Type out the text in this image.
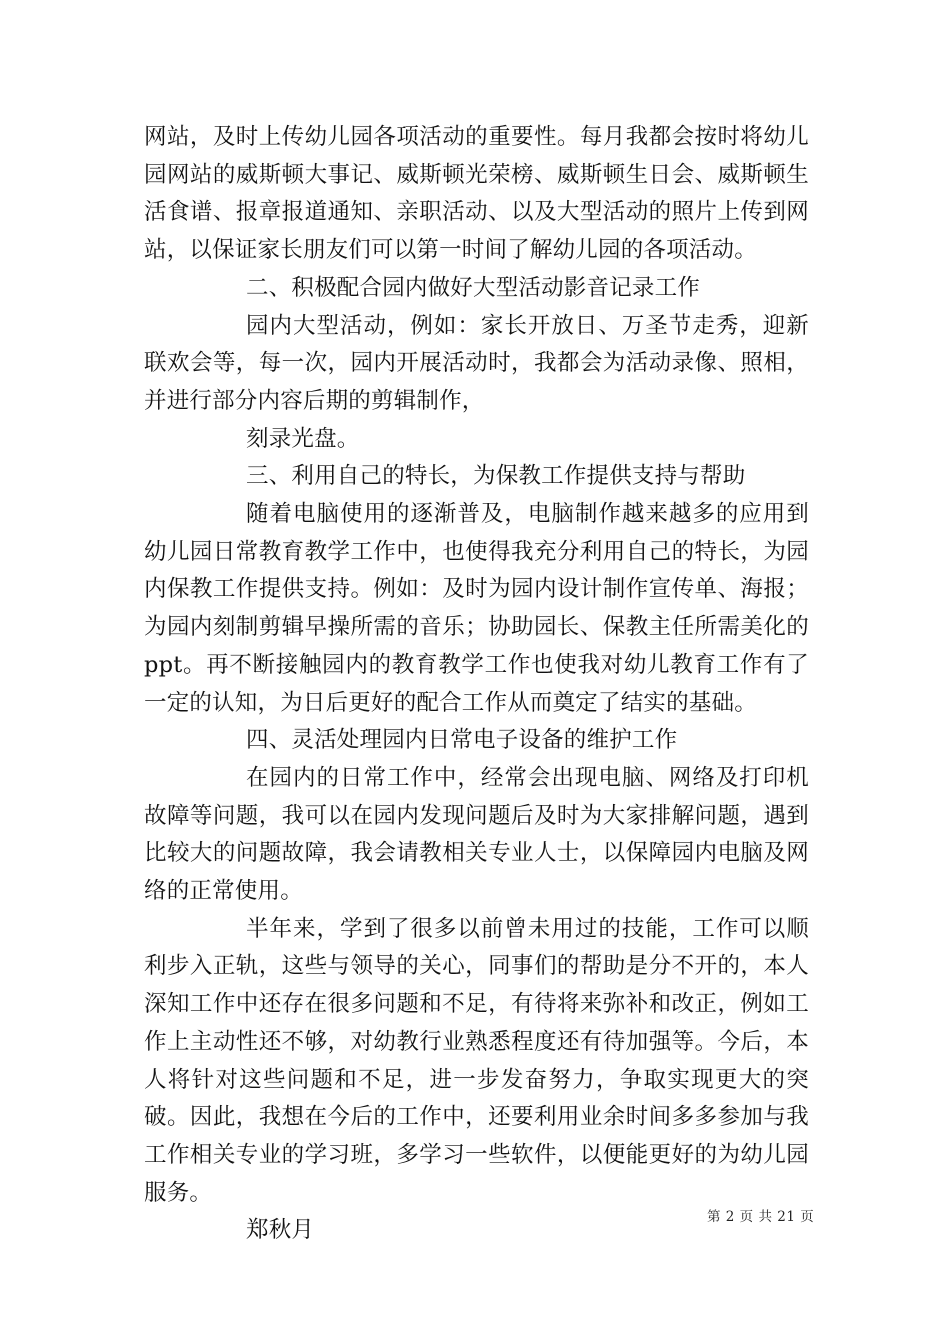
网站，及时上传幼儿园各项活动的重要性。每月我都会按时将幼儿园网站的威斯顿大事记、威斯顿光荣榜、威斯顿生日会、威斯顿生活食谱、报章报道通知、亲职活动、以及大型活动的照片上传到网站，以保证家长朋友们可以第一时间了解幼儿园的各项活动。

二、积极配合园内做好大型活动影音记录工作

园内大型活动，例如：家长开放日、万圣节走秀，迎新联欢会等，每一次，园内开展活动时，我都会为活动录像、照相，并进行部分内容后期的剪辑制作，

刻录光盘。

三、利用自己的特长，为保教工作提供支持与帮助

随着电脑使用的逐渐普及，电脑制作越来越多的应用到幼儿园日常教育教学工作中，也使得我充分利用自己的特长，为园内保教工作提供支持。例如：及时为园内设计制作宣传单、海报；为园内刻制剪辑早操所需的音乐；协助园长、保教主任所需美化的ppt。再不断接触园内的教育教学工作也使我对幼儿教育工作有了一定的认知，为日后更好的配合工作从而奠定了结实的基础。

四、灵活处理园内日常电子设备的维护工作

在园内的日常工作中，经常会出现电脑、网络及打印机故障等问题，我可以在园内发现问题后及时为大家排解问题，遇到比较大的问题故障，我会请教相关专业人士，以保障园内电脑及网络的正常使用。

半年来，学到了很多以前曾未用过的技能，工作可以顺利步入正轨，这些与领导的关心，同事们的帮助是分不开的，本人深知工作中还存在很多问题和不足，有待将来弥补和改正，例如工作上主动性还不够，对幼教行业熟悉程度还有待加强等。今后，本人将针对这些问题和不足，进一步发奋努力，争取实现更大的突破。因此，我想在今后的工作中，还要利用业余时间多多参加与我工作相关专业的学习班，多学习一些软件，以便能更好的为幼儿园服务。

郑秋月

第 2 页 共 21 页
